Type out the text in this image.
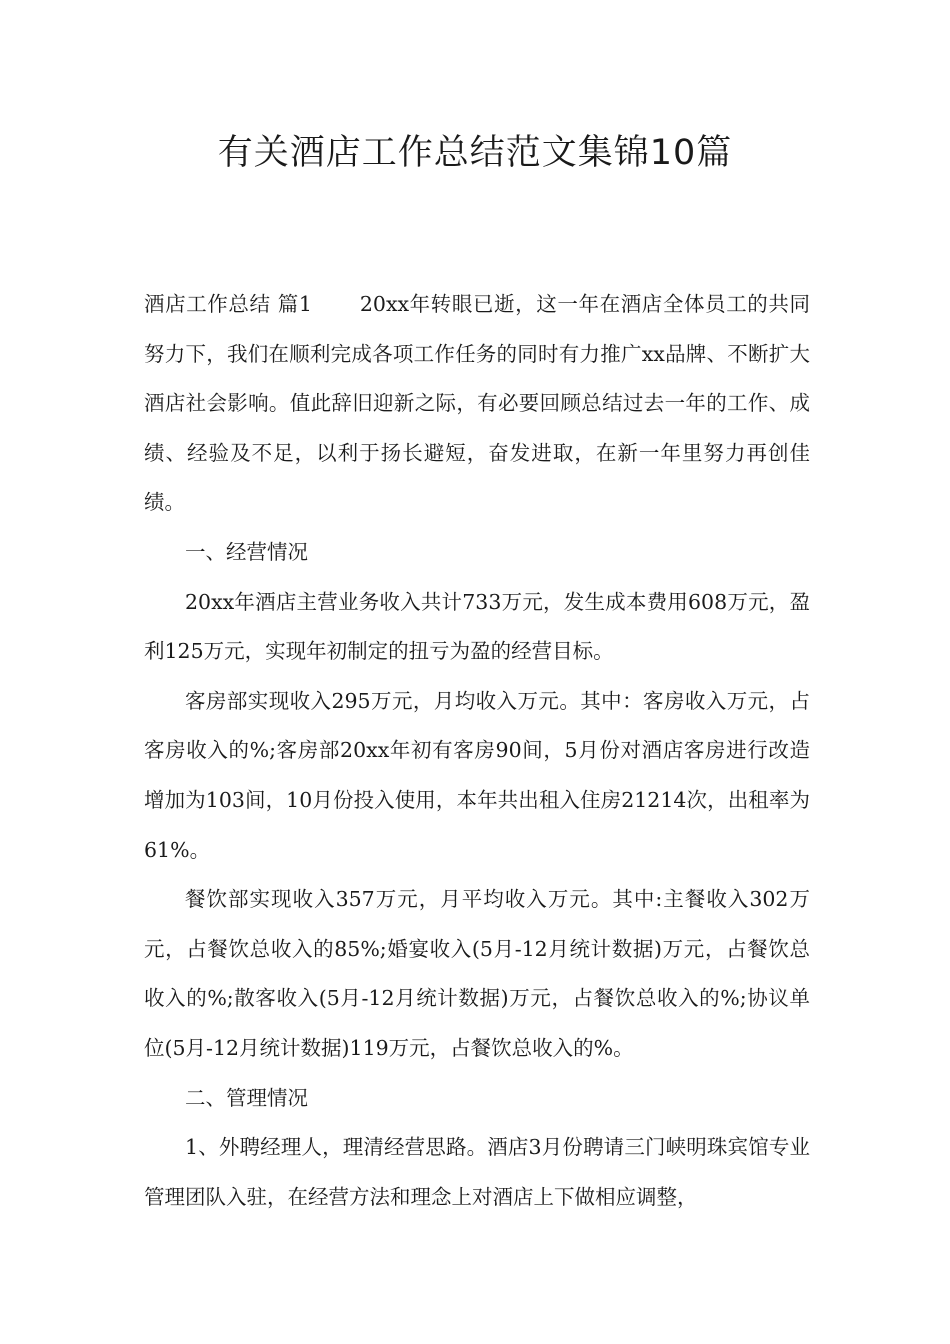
有关酒店工作总结范文集锦10篇

酒店工作总结 篇1 20xx年转眼已逝，这一年在酒店全体员工的共同努力下，我们在顺利完成各项工作任务的同时有力推广xx品牌、不断扩大酒店社会影响。值此辞旧迎新之际，有必要回顾总结过去一年的工作、成绩、经验及不足，以利于扬长避短，奋发进取，在新一年里努力再创佳绩。

一、经营情况

20xx年酒店主营业务收入共计733万元，发生成本费用608万元，盈利125万元，实现年初制定的扭亏为盈的经营目标。

客房部实现收入295万元，月均收入万元。其中：客房收入万元，占客房收入的%;客房部20xx年初有客房90间，5月份对酒店客房进行改造增加为103间，10月份投入使用，本年共出租入住房21214次，出租率为61%。

餐饮部实现收入357万元，月平均收入万元。其中:主餐收入302万元，占餐饮总收入的85%;婚宴收入(5月-12月统计数据)万元，占餐饮总收入的%;散客收入(5月-12月统计数据)万元，占餐饮总收入的%;协议单位(5月-12月统计数据)119万元，占餐饮总收入的%。

二、管理情况

1、外聘经理人，理清经营思路。酒店3月份聘请三门峡明珠宾馆专业管理团队入驻，在经营方法和理念上对酒店上下做相应调整，
